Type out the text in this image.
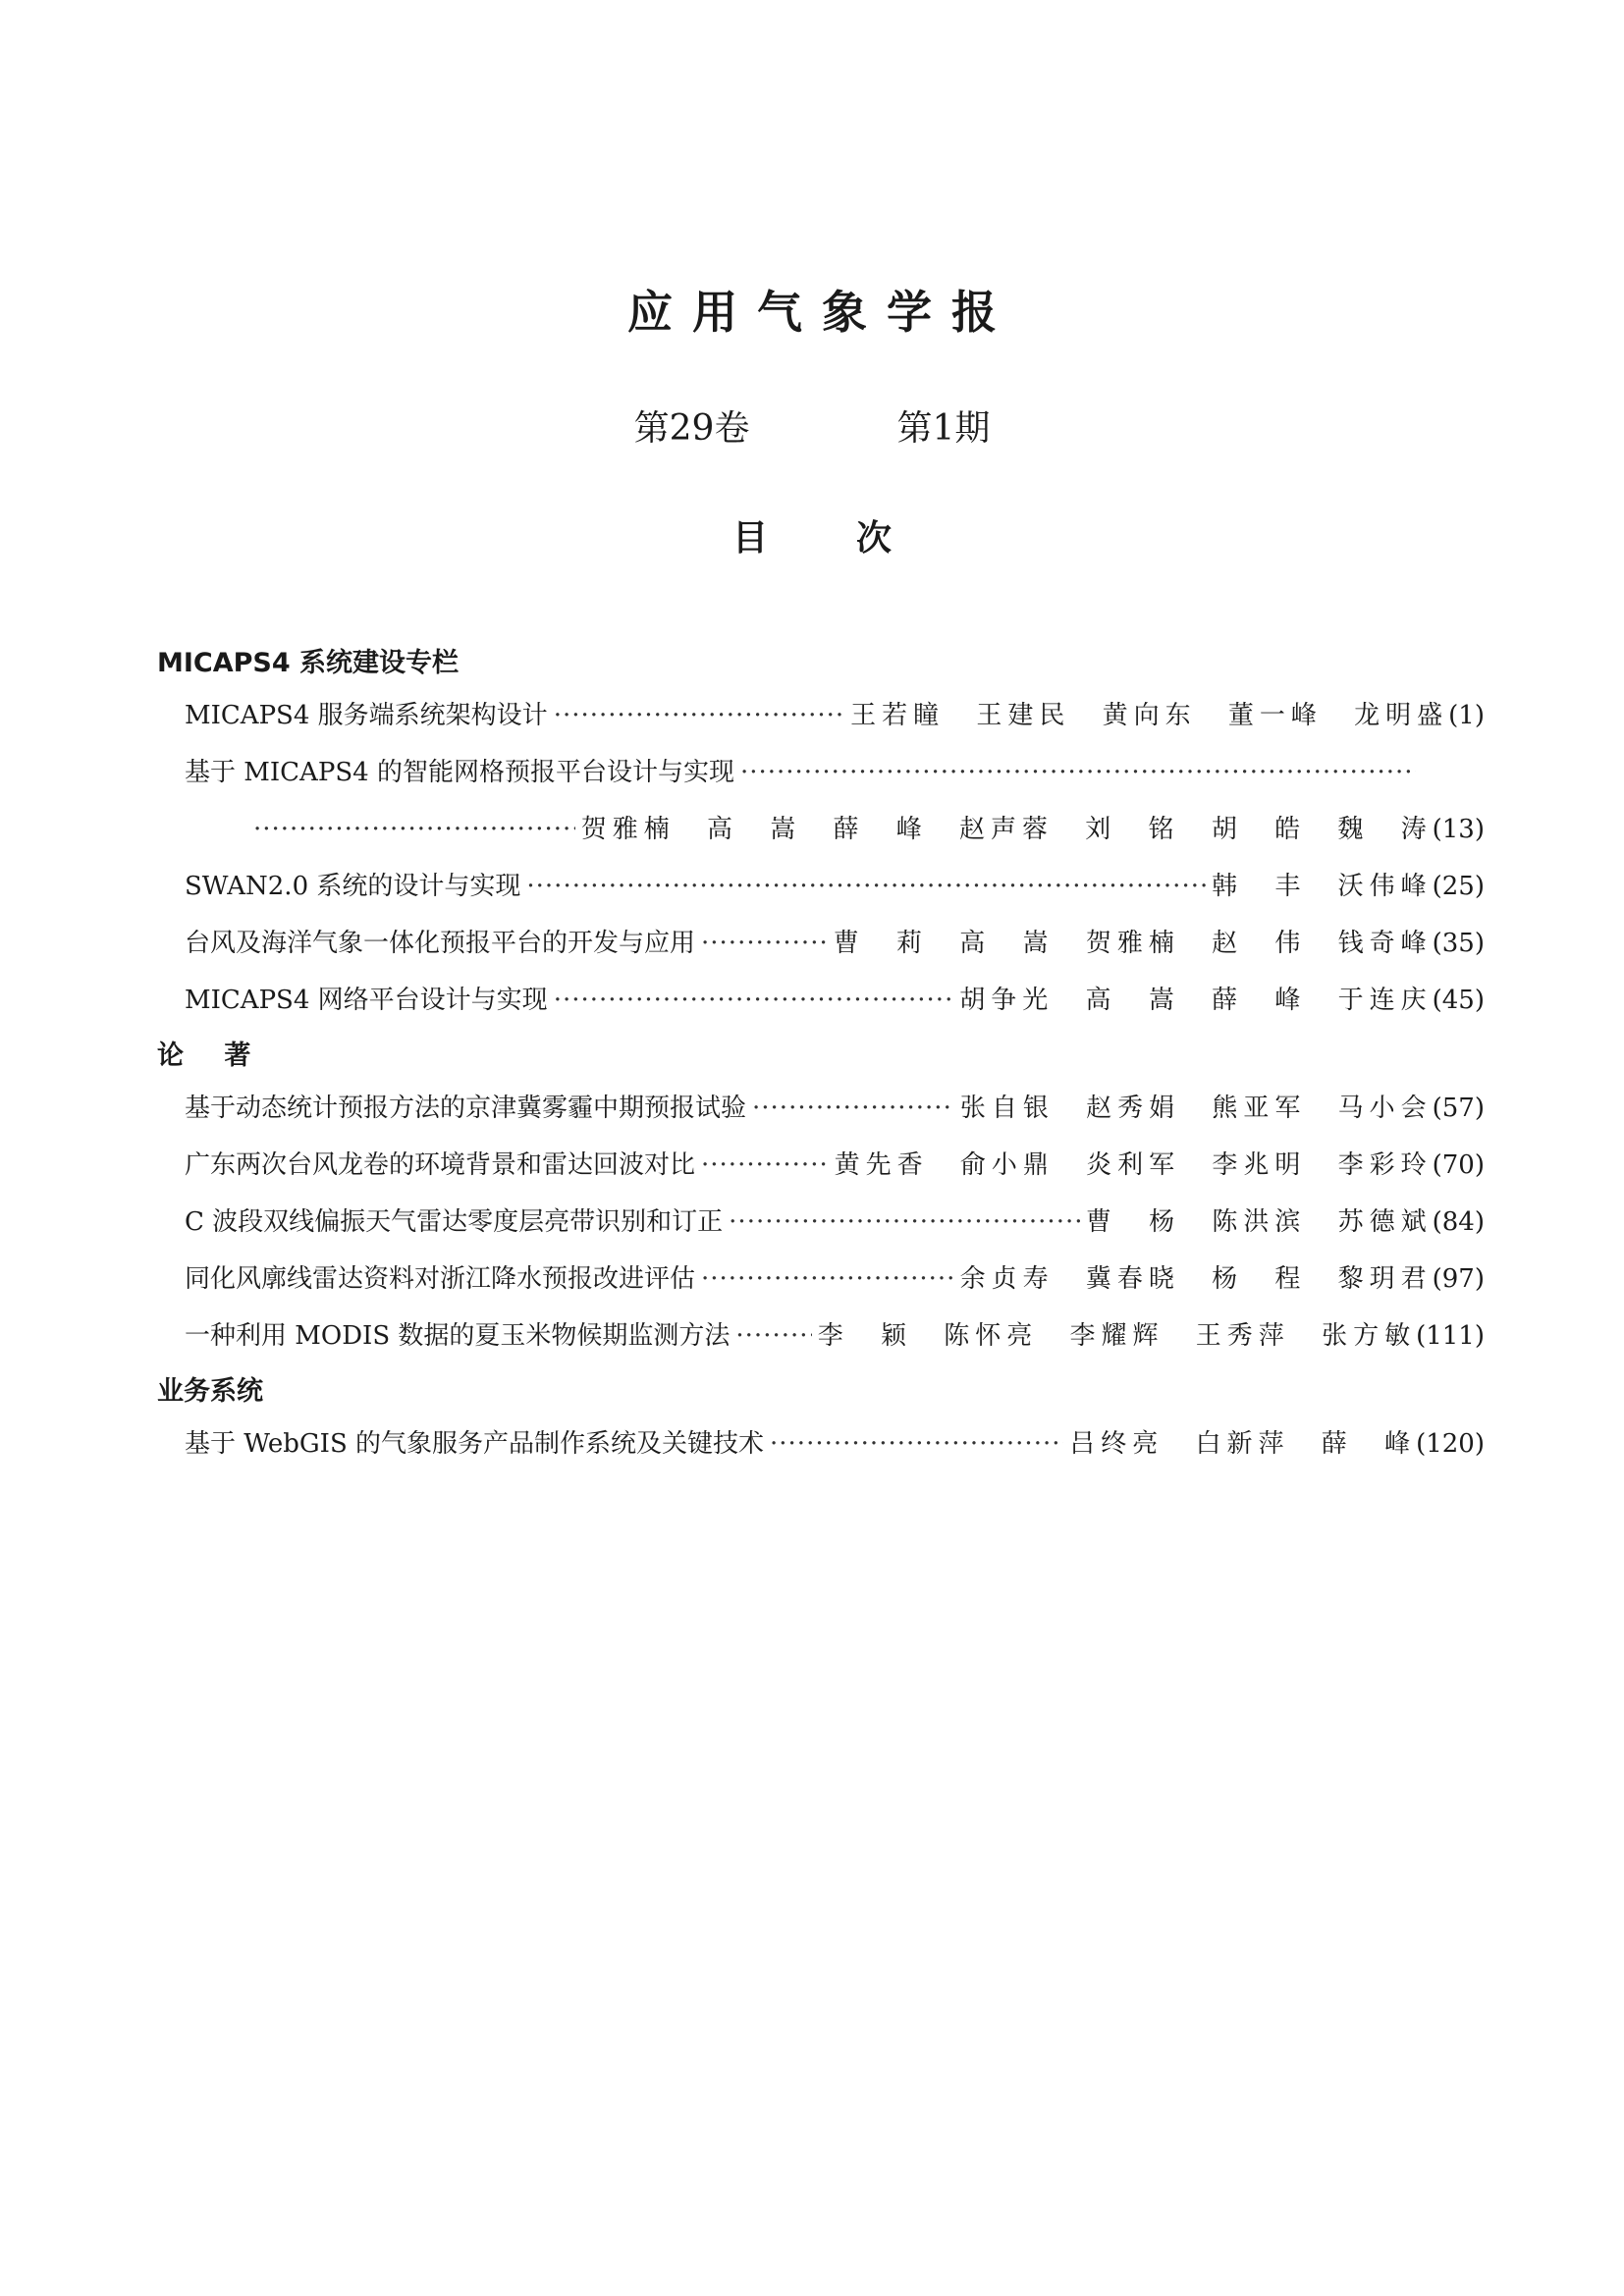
应用气象学报
第29卷	第1期
目次
MICAPS4 系统建设专栏
MICAPS4 服务端系统架构设计 ·····	王若瞳 王建民 黄向东 董一峰 龙明盛 (1)
基于 MICAPS4 的智能网格预报平台设计与实现
·····
·····
贺雅楠 高 嵩 薛 峰 赵声蓉 刘 铭 胡 皓 魏 涛 (13)
SWAN2.0 系统的设计与实现 ·····	韩 丰 沃伟峰 (25)
台风及海洋气象一体化预报平台的开发与应用 ·····	曹 莉 高 嵩 贺雅楠 赵 伟 钱奇峰 (35)
MICAPS4 网络平台设计与实现 ·····	胡争光 高 嵩 薛 峰 于连庆 (45)
论 著
基于动态统计预报方法的京津冀雾霾中期预报试验 ·····	张自银 赵秀娟 熊亚军 马小会 (57)
广东两次台风龙卷的环境背景和雷达回波对比 ·····	黄先香 俞小鼎 炎利军 李兆明 李彩玲 (70)
C 波段双线偏振天气雷达零度层亮带识别和订正 ·····	曹 杨 陈洪滨 苏德斌 (84)
同化风廓线雷达资料对浙江降水预报改进评估 ·····	余贞寿 冀春晓 杨 程 黎玥君 (97)
一种利用 MODIS 数据的夏玉米物候期监测方法 ·····	李 颖 陈怀亮 李耀辉 王秀萍 张方敏 (111)
业务系统
基于 WebGIS 的气象服务产品制作系统及关键技术 ·····	吕终亮 白新萍 薛 峰 (120)
